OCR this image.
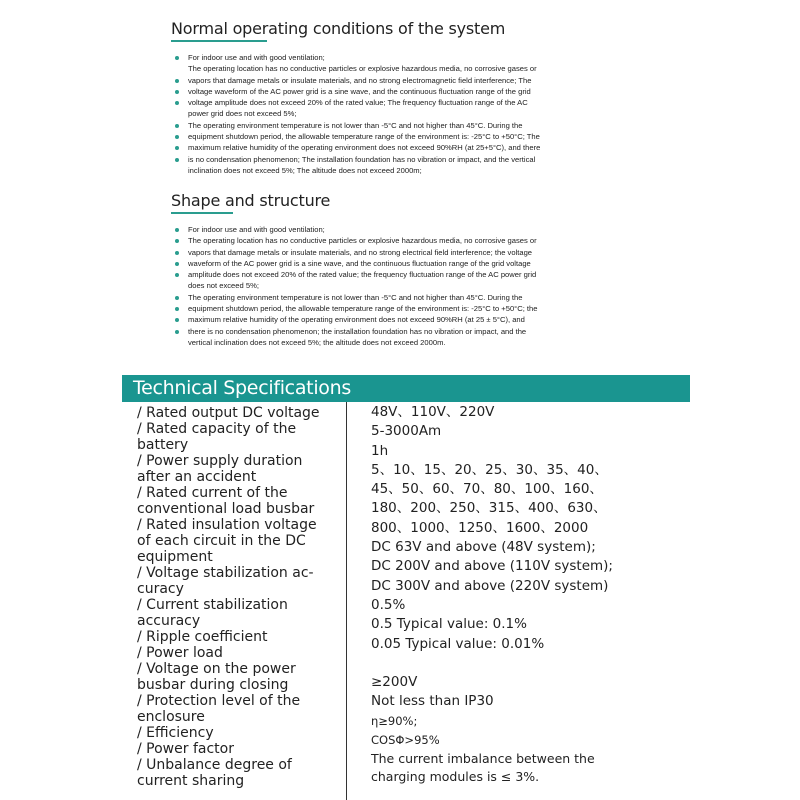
Normal operating conditions of the system
For indoor use and with good ventilation;
The operating location has no conductive particles or explosive hazardous media, no corrosive gases or
vapors that damage metals or insulate materials, and no strong electromagnetic field interference; The
voltage waveform of the AC power grid is a sine wave, and the continuous fluctuation range of the grid
voltage amplitude does not exceed 20% of the rated value; The frequency fluctuation range of the AC
power grid does not exceed 5%;
The operating environment temperature is not lower than -5°C and not higher than 45°C. During the
equipment shutdown period, the allowable temperature range of the environment is: -25°C to +50°C; The
maximum relative humidity of the operating environment does not exceed 90%RH (at 25+5°C), and there
is no condensation phenomenon; The installation foundation has no vibration or impact, and the vertical
inclination does not exceed 5%; The altitude does not exceed 2000m;
Shape and structure
For indoor use and with good ventilation;
The operating location has no conductive particles or explosive hazardous media, no corrosive gases or
vapors that damage metals or insulate materials, and no strong electrical field interference; the voltage
waveform of the AC power grid is a sine wave, and the continuous fluctuation range of the grid voltage
amplitude does not exceed 20% of the rated value; the frequency fluctuation range of the AC power grid
does not exceed 5%;
The operating environment temperature is not lower than -5°C and not higher than 45°C. During the
equipment shutdown period, the allowable temperature range of the environment is: -25°C to +50°C; the
maximum relative humidity of the operating environment does not exceed 90%RH (at 25 ± 5°C), and
there is no condensation phenomenon; the installation foundation has no vibration or impact, and the
vertical inclination does not exceed 5%; the altitude does not exceed 2000m.
Technical Specifications
/ Rated output DC voltage
/ Rated capacity of the
battery
/ Power supply duration
after an accident
/ Rated current of the
conventional load busbar
/ Rated insulation voltage
of each circuit in the DC
equipment
/ Voltage stabilization ac-
curacy
/ Current stabilization
accuracy
/ Ripple coefficient
/ Power load
/ Voltage on the power
busbar during closing
/ Protection level of the
enclosure
/ Efficiency
/ Power factor
/ Unbalance degree of
current sharing
48V、110V、220V
5-3000Am
1h
5、10、15、20、25、30、35、40、
45、50、60、70、80、100、160、
180、200、250、315、400、630、
800、1000、1250、1600、2000
DC 63V and above (48V system);
DC 200V and above (110V system);
DC 300V and above (220V system)
0.5%
0.5 Typical value: 0.1%
0.05 Typical value: 0.01%
≥200V
Not less than IP30
η≥90%;
COSΦ>95%
The current imbalance between the
charging modules is ≤ 3%.
